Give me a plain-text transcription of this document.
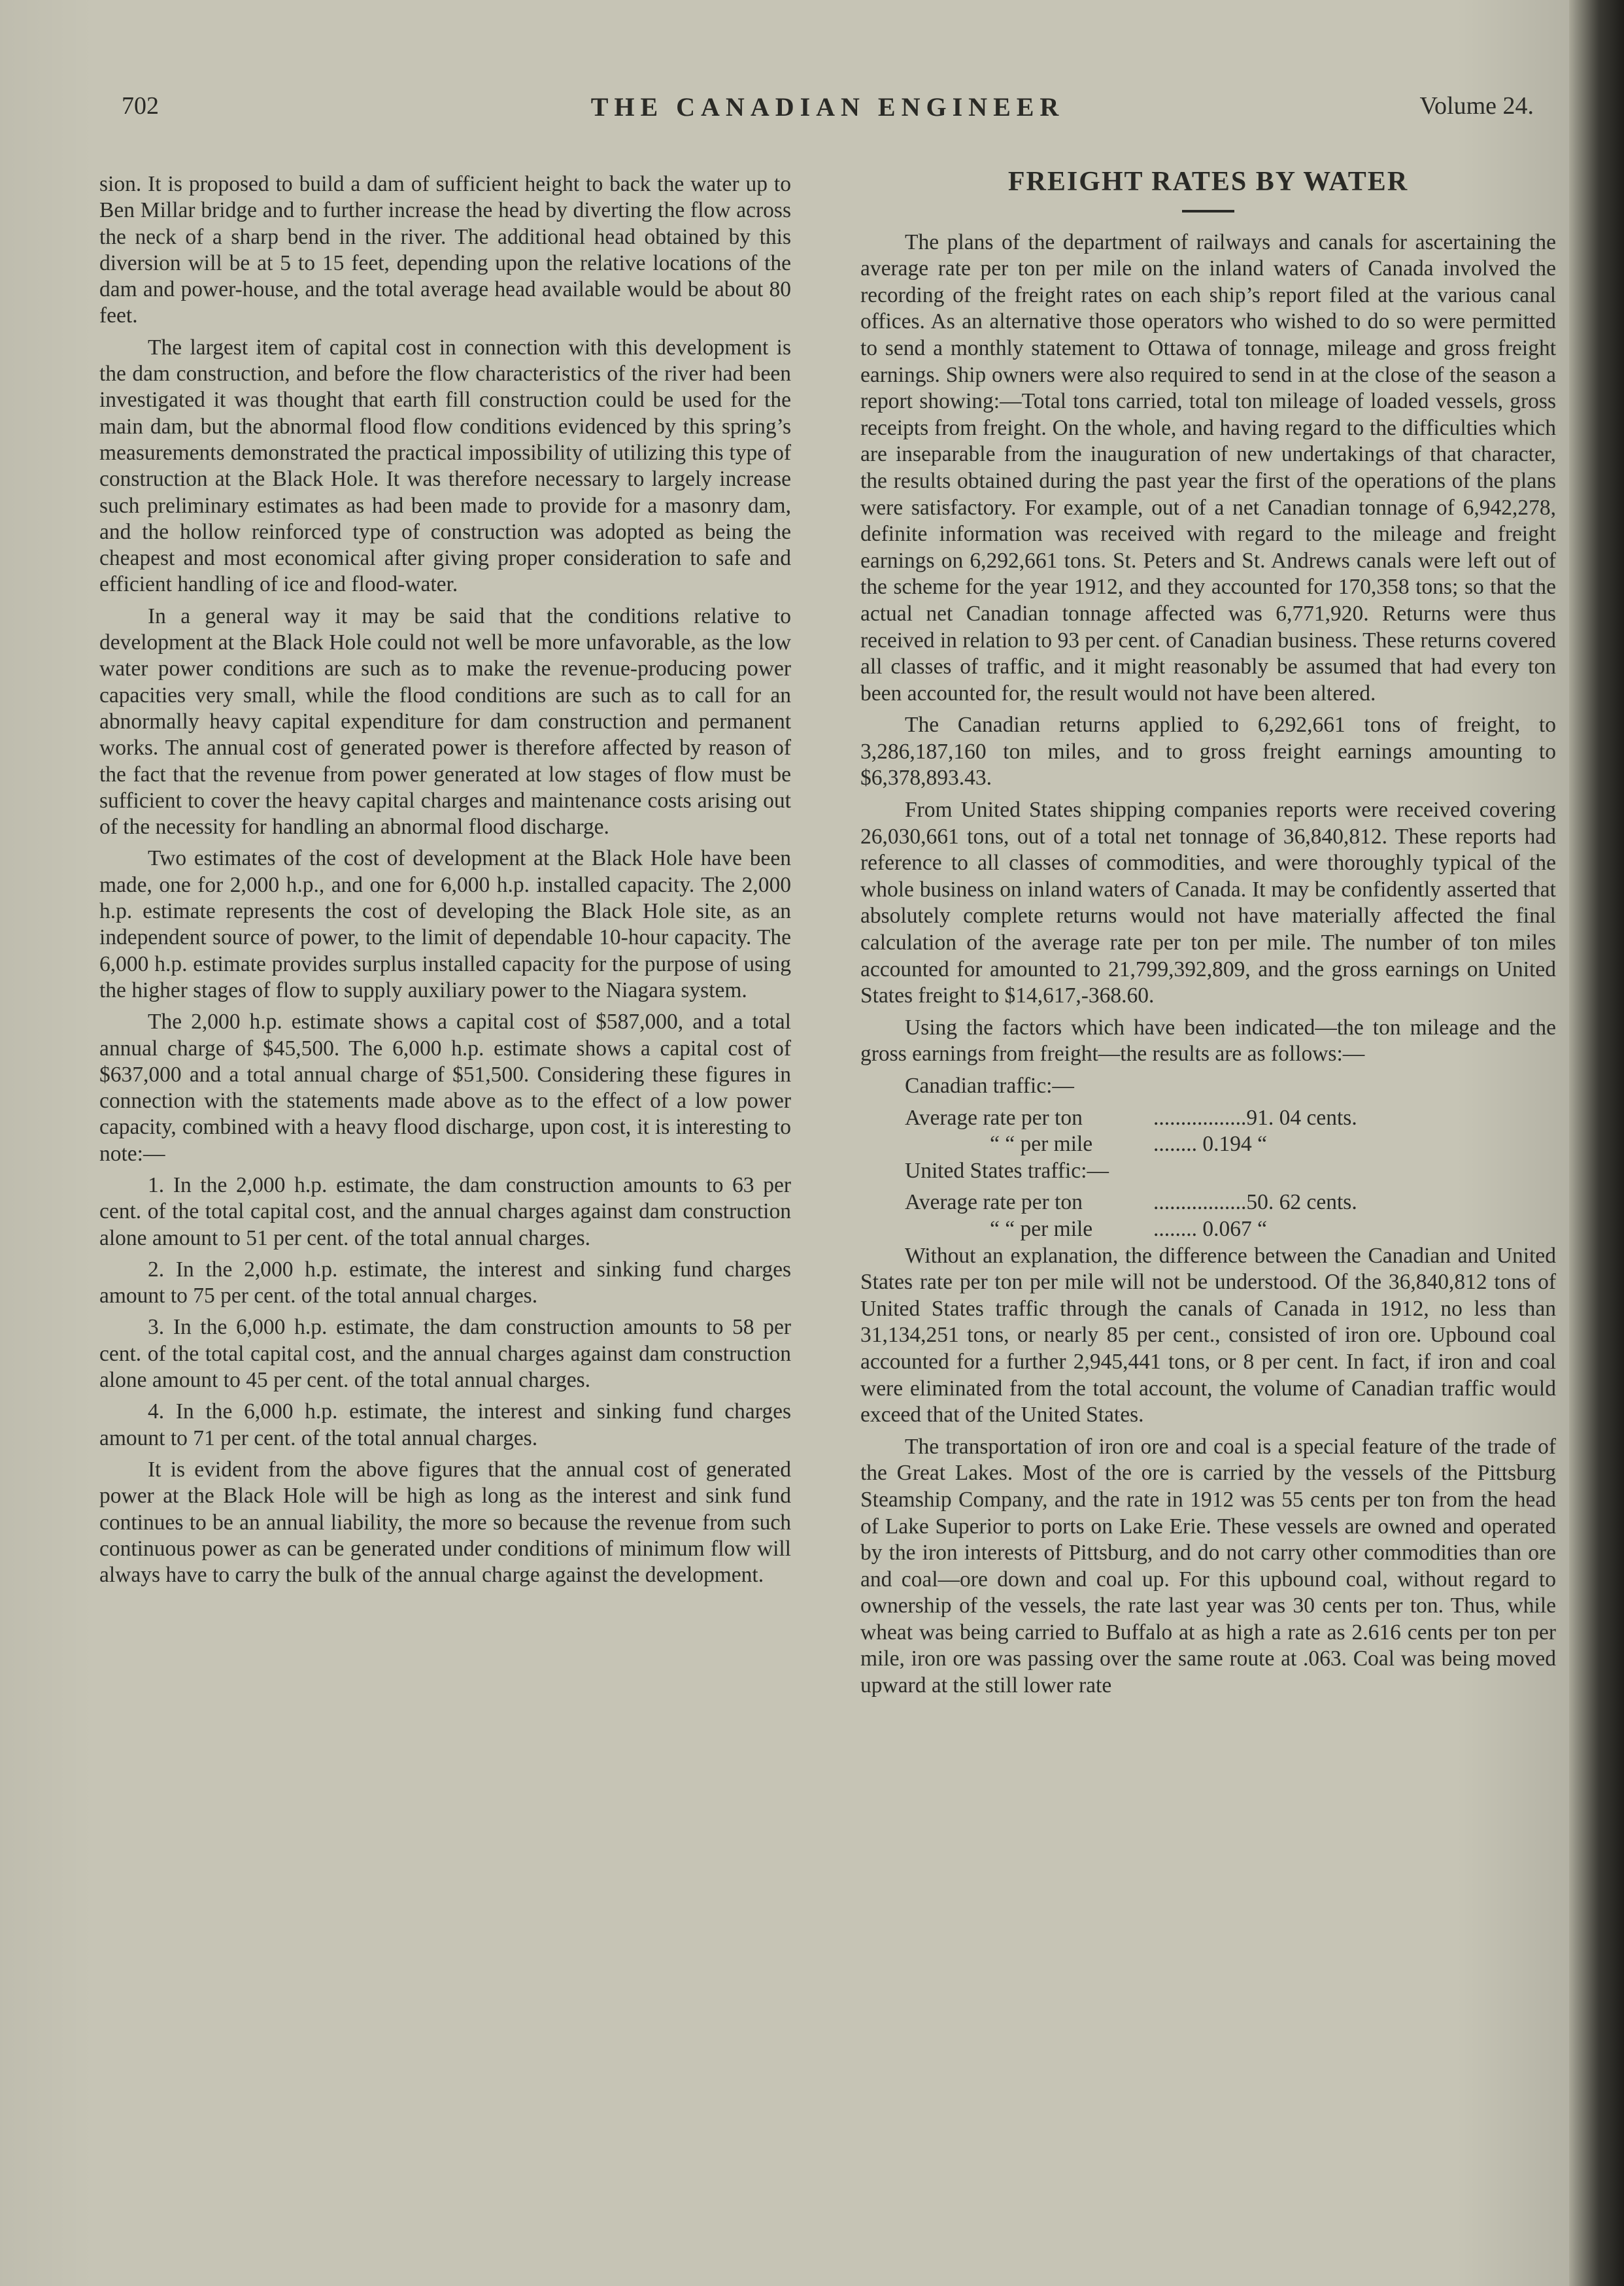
702	THE CANADIAN ENGINEER	Volume 24.

sion. It is proposed to build a dam of sufficient height to back the water up to Ben Millar bridge and to further increase the head by diverting the flow across the neck of a sharp bend in the river. The additional head obtained by this diversion will be at 5 to 15 feet, depending upon the relative locations of the dam and power-house, and the total average head available would be about 80 feet.

The largest item of capital cost in connection with this development is the dam construction, and before the flow characteristics of the river had been investigated it was thought that earth fill construction could be used for the main dam, but the abnormal flood flow conditions evidenced by this spring’s measurements demonstrated the practical impossibility of utilizing this type of construction at the Black Hole. It was therefore necessary to largely increase such preliminary estimates as had been made to provide for a masonry dam, and the hollow reinforced type of construction was adopted as being the cheapest and most economical after giving proper consideration to safe and efficient handling of ice and flood-water.

In a general way it may be said that the conditions relative to development at the Black Hole could not well be more unfavorable, as the low water power conditions are such as to make the revenue-producing power capacities very small, while the flood conditions are such as to call for an abnormally heavy capital expenditure for dam construction and permanent works. The annual cost of generated power is therefore affected by reason of the fact that the revenue from power generated at low stages of flow must be sufficient to cover the heavy capital charges and maintenance costs arising out of the necessity for handling an abnormal flood discharge.

Two estimates of the cost of development at the Black Hole have been made, one for 2,000 h.p., and one for 6,000 h.p. installed capacity. The 2,000 h.p. estimate represents the cost of developing the Black Hole site, as an independent source of power, to the limit of dependable 10-hour capacity. The 6,000 h.p. estimate provides surplus installed capacity for the purpose of using the higher stages of flow to supply auxiliary power to the Niagara system.

The 2,000 h.p. estimate shows a capital cost of $587,000, and a total annual charge of $45,500. The 6,000 h.p. estimate shows a capital cost of $637,000 and a total annual charge of $51,500. Considering these figures in connection with the statements made above as to the effect of a low power capacity, combined with a heavy flood discharge, upon cost, it is interesting to note:—

1. In the 2,000 h.p. estimate, the dam construction amounts to 63 per cent. of the total capital cost, and the annual charges against dam construction alone amount to 51 per cent. of the total annual charges.

2. In the 2,000 h.p. estimate, the interest and sinking fund charges amount to 75 per cent. of the total annual charges.

3. In the 6,000 h.p. estimate, the dam construction amounts to 58 per cent. of the total capital cost, and the annual charges against dam construction alone amount to 45 per cent. of the total annual charges.

4. In the 6,000 h.p. estimate, the interest and sinking fund charges amount to 71 per cent. of the total annual charges.

It is evident from the above figures that the annual cost of generated power at the Black Hole will be high as long as the interest and sink fund continues to be an annual liability, the more so because the revenue from such continuous power as can be generated under conditions of minimum flow will always have to carry the bulk of the annual charge against the development.

FREIGHT RATES BY WATER

The plans of the department of railways and canals for ascertaining the average rate per ton per mile on the inland waters of Canada involved the recording of the freight rates on each ship’s report filed at the various canal offices. As an alternative those operators who wished to do so were permitted to send a monthly statement to Ottawa of tonnage, mileage and gross freight earnings. Ship owners were also required to send in at the close of the season a report showing:—Total tons carried, total ton mileage of loaded vessels, gross receipts from freight. On the whole, and having regard to the difficulties which are inseparable from the inauguration of new undertakings of that character, the results obtained during the past year the first of the operations of the plans were satisfactory. For example, out of a net Canadian tonnage of 6,942,278, definite information was received with regard to the mileage and freight earnings on 6,292,661 tons. St. Peters and St. Andrews canals were left out of the scheme for the year 1912, and they accounted for 170,358 tons; so that the actual net Canadian tonnage affected was 6,771,920. Returns were thus received in relation to 93 per cent. of Canadian business. These returns covered all classes of traffic, and it might reasonably be assumed that had every ton been accounted for, the result would not have been altered.

The Canadian returns applied to 6,292,661 tons of freight, to 3,286,187,160 ton miles, and to gross freight earnings amounting to $6,378,893.43.

From United States shipping companies reports were received covering 26,030,661 tons, out of a total net tonnage of 36,840,812. These reports had reference to all classes of commodities, and were thoroughly typical of the whole business on inland waters of Canada. It may be confidently asserted that absolutely complete returns would not have materially affected the final calculation of the average rate per ton per mile. The number of ton miles accounted for amounted to 21,799,392,809, and the gross earnings on United States freight to $14,617,-368.60.

Using the factors which have been indicated—the ton mileage and the gross earnings from freight—the results are as follows:—

Canadian traffic:—

Average rate per ton	.................91. 04 cents.
“ “ per mile	........ 0.194 “

United States traffic:—

Average rate per ton	.................50. 62 cents.
“ “ per mile	........ 0.067 “

Without an explanation, the difference between the Canadian and United States rate per ton per mile will not be understood. Of the 36,840,812 tons of United States traffic through the canals of Canada in 1912, no less than 31,134,251 tons, or nearly 85 per cent., consisted of iron ore. Upbound coal accounted for a further 2,945,441 tons, or 8 per cent. In fact, if iron and coal were eliminated from the total account, the volume of Canadian traffic would exceed that of the United States.

The transportation of iron ore and coal is a special feature of the trade of the Great Lakes. Most of the ore is carried by the vessels of the Pittsburg Steamship Company, and the rate in 1912 was 55 cents per ton from the head of Lake Superior to ports on Lake Erie. These vessels are owned and operated by the iron interests of Pittsburg, and do not carry other commodities than ore and coal—ore down and coal up. For this upbound coal, without regard to ownership of the vessels, the rate last year was 30 cents per ton. Thus, while wheat was being carried to Buffalo at as high a rate as 2.616 cents per ton per mile, iron ore was passing over the same route at .063. Coal was being moved upward at the still lower rate
